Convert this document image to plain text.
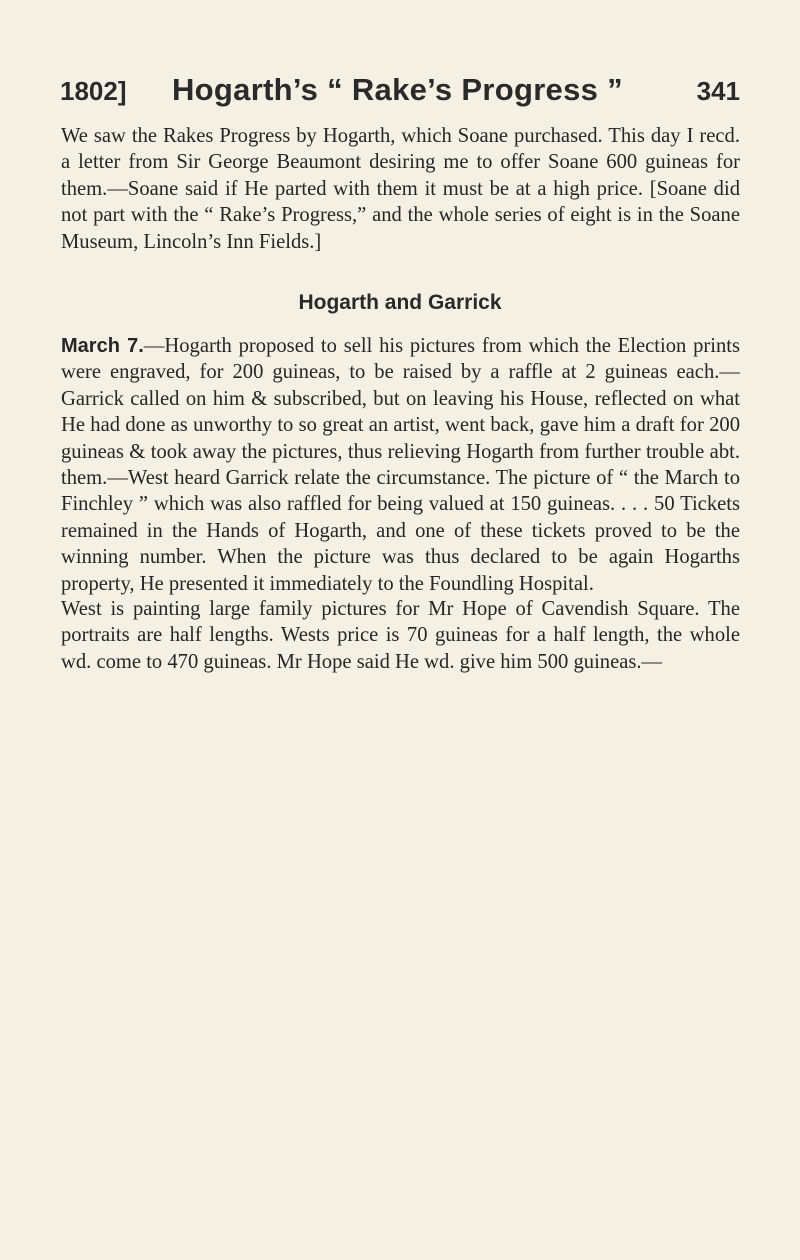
1802] Hogarth’s “ Rake’s Progress ”	341

We saw the Rakes Progress by Hogarth, which Soane purchased. This day I recd. a letter from Sir George Beaumont desiring me to offer Soane 600 guineas for them.—Soane said if He parted with them it must be at a high price. [Soane did not part with the “ Rake’s Progress,” and the whole series of eight is in the Soane Museum, Lincoln’s Inn Fields.]

Hogarth and Garrick

March 7.—Hogarth proposed to sell his pictures from which the Election prints were engraved, for 200 guineas, to be raised by a raffle at 2 guineas each.—Garrick called on him & subscribed, but on leaving his House, reflected on what He had done as unworthy to so great an artist, went back, gave him a draft for 200 guineas & took away the pictures, thus relieving Hogarth from further trouble abt. them.—West heard Garrick relate the circumstance. The picture of “ the March to Finchley ” which was also raffled for being valued at 150 guineas. . . . 50 Tickets remained in the Hands of Hogarth, and one of these tickets proved to be the winning number. When the picture was thus declared to be again Hogarths property, He presented it immediately to the Foundling Hospital.

West is painting large family pictures for Mr Hope of Cavendish Square. The portraits are half lengths. Wests price is 70 guineas for a half length, the whole wd. come to 470 guineas. Mr Hope said He wd. give him 500 guineas.—
